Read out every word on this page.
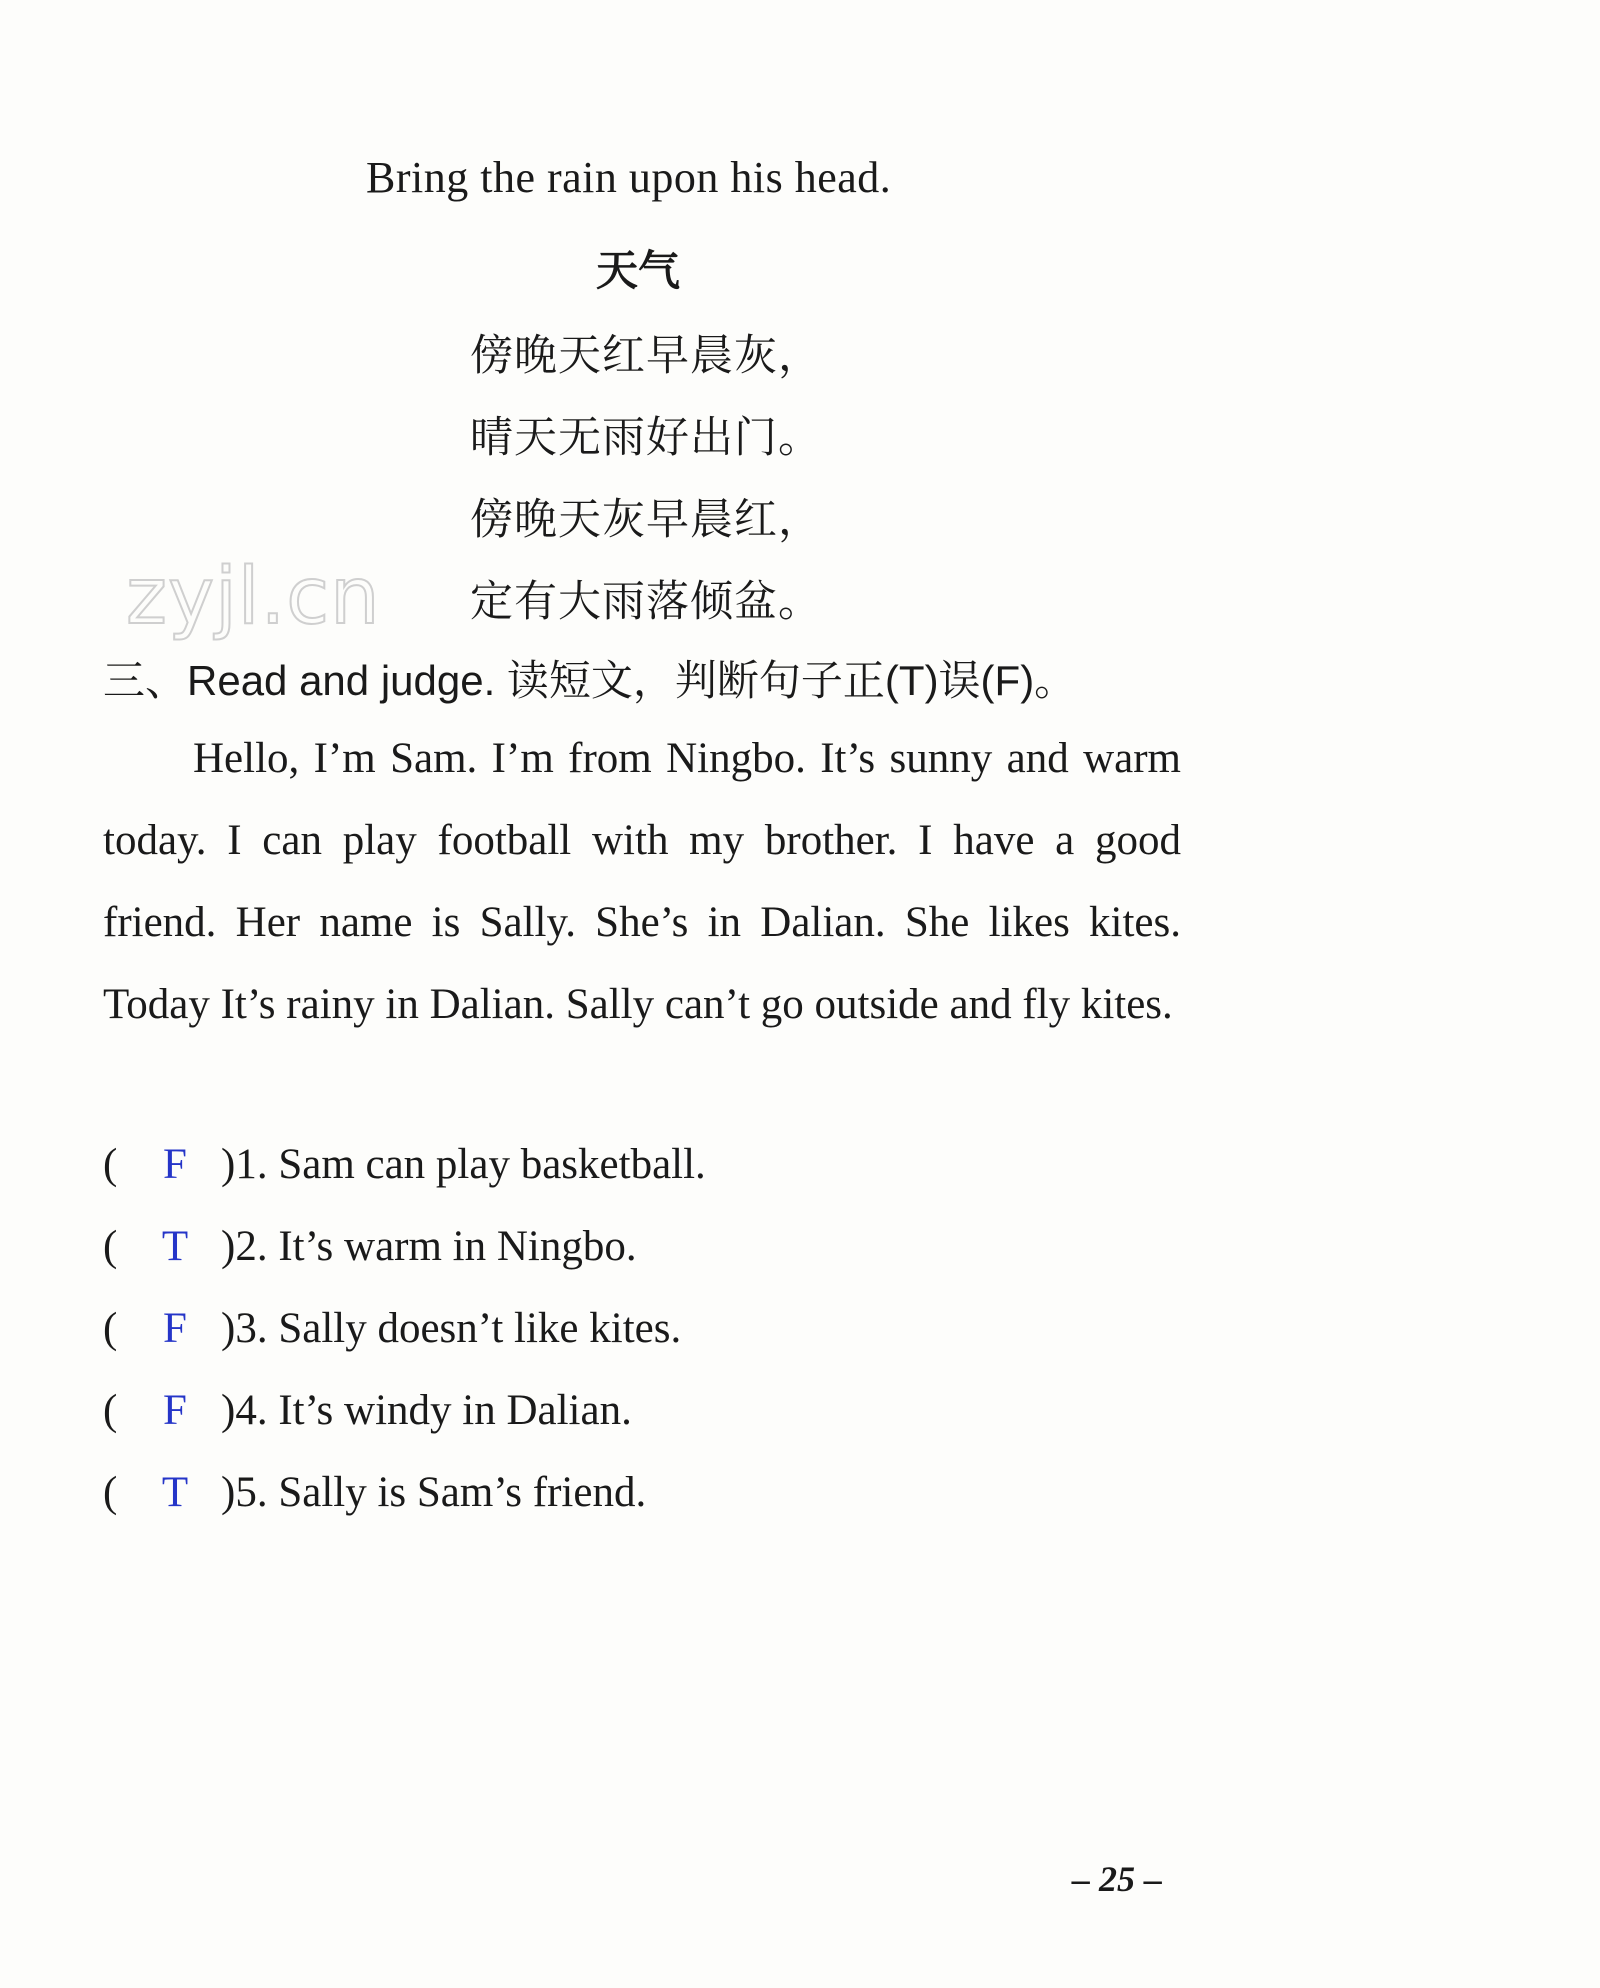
Bring the rain upon his head.
天气
傍晚天红早晨灰，
晴天无雨好出门。
傍晚天灰早晨红，
定有大雨落倾盆。
zyjl.cn
三、Read and judge. 读短文，判断句子正(T)误(F)。
Hello, I’m Sam. I’m from Ningbo. It’s sunny and warm today. I can play football with my brother. I have a good friend. Her name is Sally. She’s in Dalian. She likes kites. Today It’s rainy in Dalian. Sally can’t go outside and fly kites.
( F )1. Sam can play basketball.
( T )2. It’s warm in Ningbo.
( F )3. Sally doesn’t like kites.
( F )4. It’s windy in Dalian.
( T )5. Sally is Sam’s friend.
– 25 –
